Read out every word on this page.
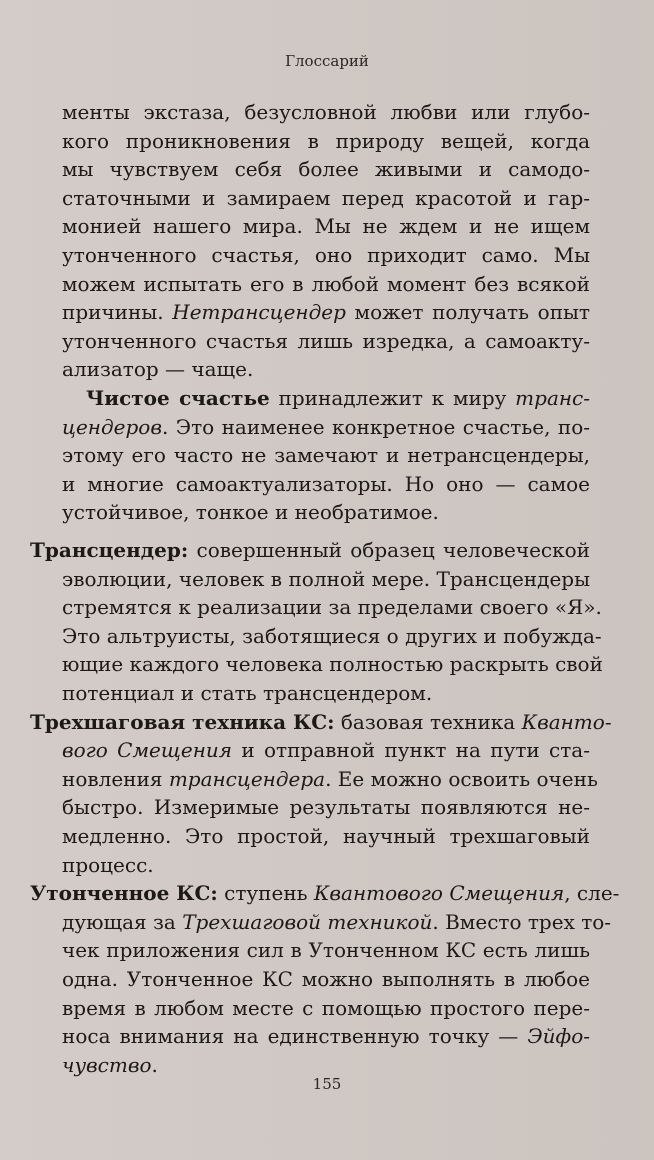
Глоссарий
менты экстаза, безусловной любви или глубо-
кого проникновения в природу вещей, когда
мы чувствуем себя более живыми и самодо-
статочными и замираем перед красотой и гар-
монией нашего мира. Мы не ждем и не ищем
утонченного счастья, оно приходит само. Мы
можем испытать его в любой момент без всякой
причины. Нетрансцендер может получать опыт
утонченного счастья лишь изредка, а самоакту-
ализатор — чаще.
Чистое счастье принадлежит к миру транс-
цендеров. Это наименее конкретное счастье, по-
этому его часто не замечают и нетрансцендеры,
и многие самоактуализаторы. Но оно — самое
устойчивое, тонкое и необратимое.
Трансцендер: совершенный образец человеческой
эволюции, человек в полной мере. Трансцендеры
стремятся к реализации за пределами своего «Я».
Это альтруисты, заботящиеся о других и побужда-
ющие каждого человека полностью раскрыть свой
потенциал и стать трансцендером.
Трехшаговая техника КС: базовая техника Кванто-
вого Смещения и отправной пункт на пути ста-
новления трансцендера. Ее можно освоить очень
быстро. Измеримые результаты появляются не-
медленно. Это простой, научный трехшаговый
процесс.
Утонченное КС: ступень Квантового Смещения, сле-
дующая за Трехшаговой техникой. Вместо трех то-
чек приложения сил в Утонченном КС есть лишь
одна. Утонченное КС можно выполнять в любое
время в любом месте с помощью простого пере-
носа внимания на единственную точку — Эйфо-
чувство.
155
